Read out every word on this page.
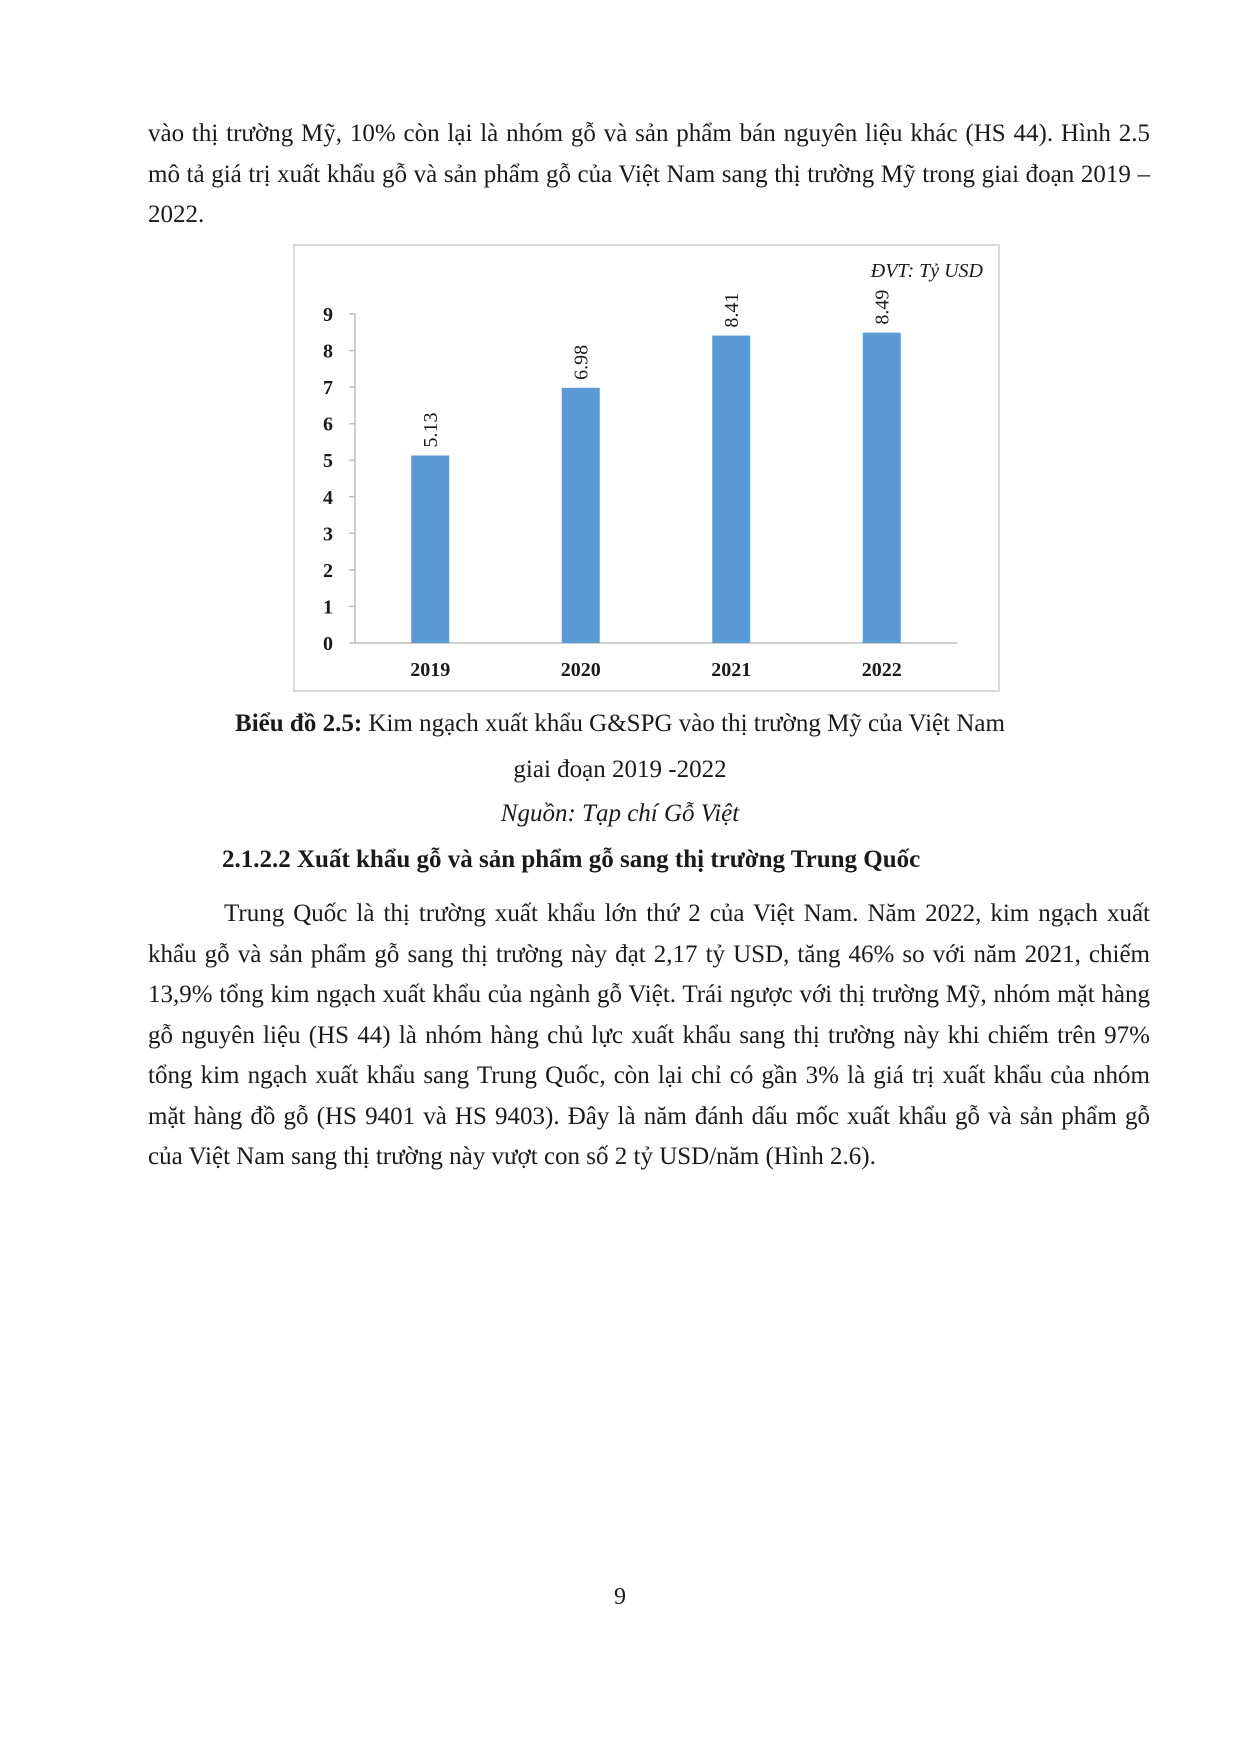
vào thị trường Mỹ, 10% còn lại là nhóm gỗ và sản phẩm bán nguyên liệu khác (HS 44). Hình 2.5 mô tả giá trị xuất khẩu gỗ và sản phẩm gỗ của Việt Nam sang thị trường Mỹ trong giai đoạn 2019 – 2022.

ĐVT: Tỷ USD
0
1
2
3
4
5
6
7
8
9
5.13
6.98
8.41	8.49
2019	2020	2021	2022

Biểu đồ 2.5: Kim ngạch xuất khẩu G&SPG vào thị trường Mỹ của Việt Nam

giai đoạn 2019 -2022

Nguồn: Tạp chí Gỗ Việt

2.1.2.2 Xuất khẩu gỗ và sản phẩm gỗ sang thị trường Trung Quốc

Trung Quốc là thị trường xuất khẩu lớn thứ 2 của Việt Nam. Năm 2022, kim ngạch xuất khẩu gỗ và sản phẩm gỗ sang thị trường này đạt 2,17 tỷ USD, tăng 46% so với năm 2021, chiếm 13,9% tổng kim ngạch xuất khẩu của ngành gỗ Việt. Trái ngược với thị trường Mỹ, nhóm mặt hàng gỗ nguyên liệu (HS 44) là nhóm hàng chủ lực xuất khẩu sang thị trường này khi chiếm trên 97% tổng kim ngạch xuất khẩu sang Trung Quốc, còn lại chỉ có gần 3% là giá trị xuất khẩu của nhóm mặt hàng đồ gỗ (HS 9401 và HS 9403). Đây là năm đánh dấu mốc xuất khẩu gỗ và sản phẩm gỗ của Việt Nam sang thị trường này vượt con số 2 tỷ USD/năm (Hình 2.6).

9
